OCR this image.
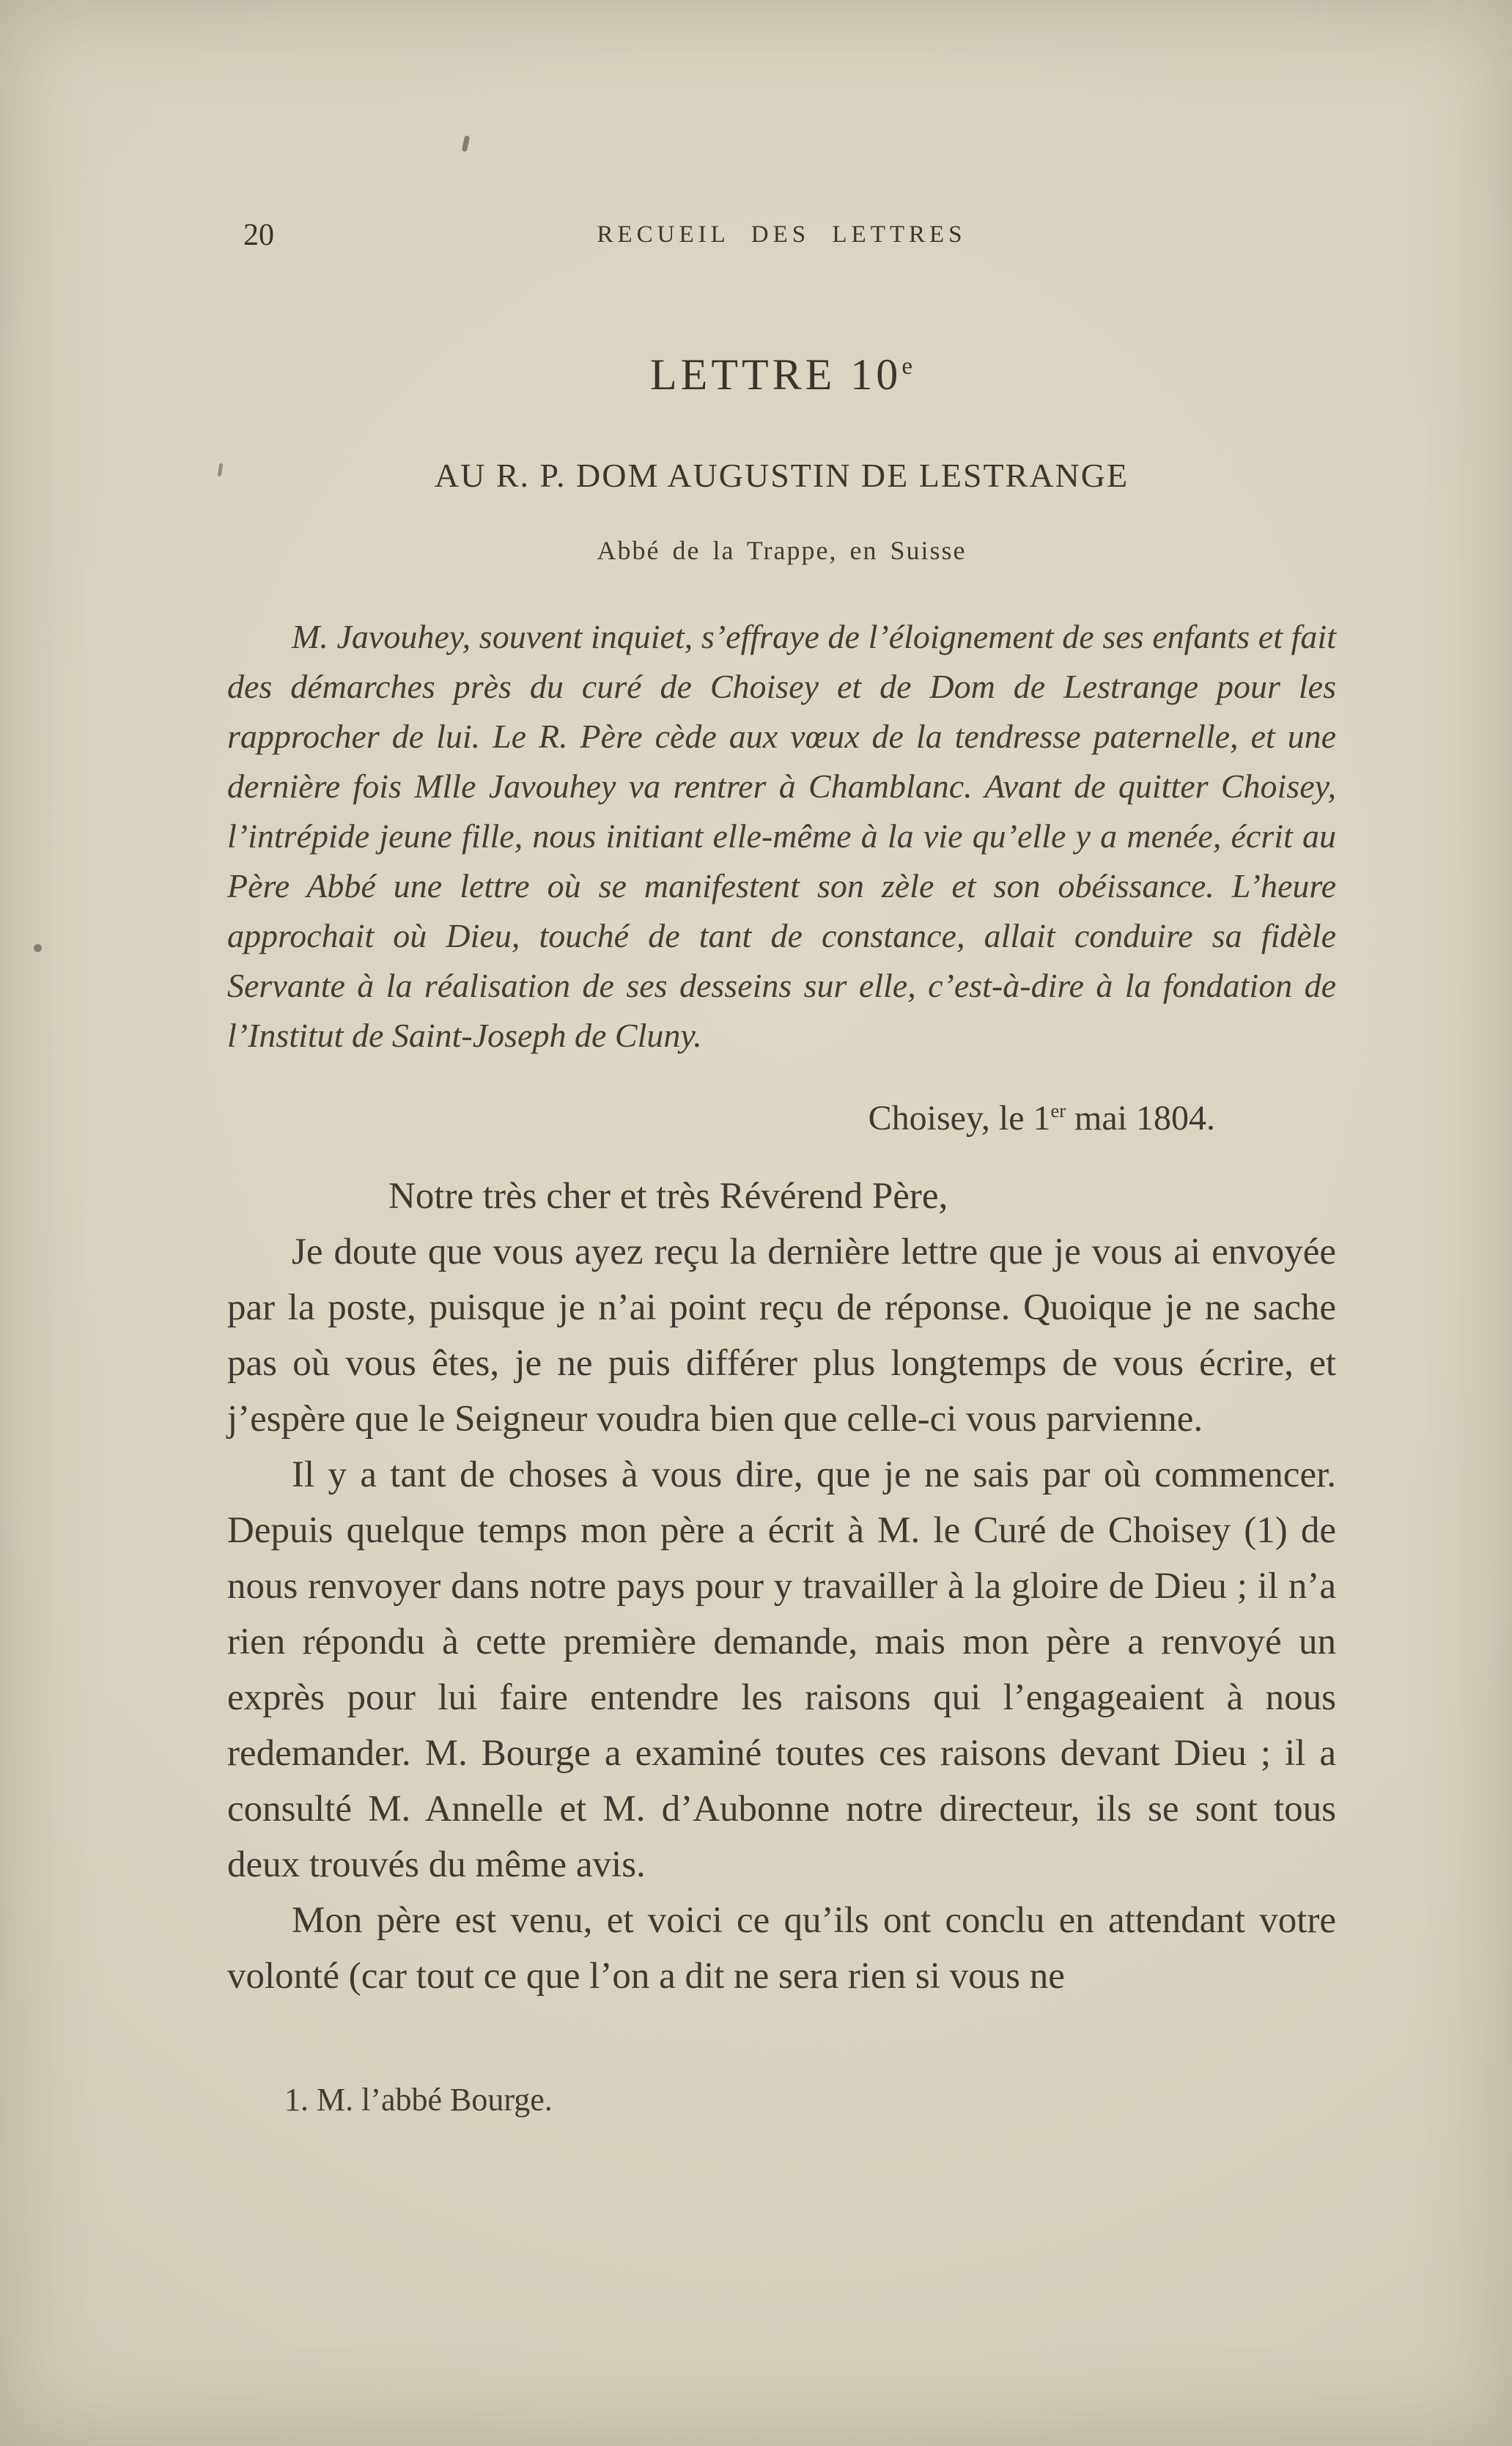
20	RECUEIL DES LETTRES
LETTRE 10e
AU R. P. DOM AUGUSTIN DE LESTRANGE
Abbé de la Trappe, en Suisse

M. Javouhey, souvent inquiet, s’effraye de l’éloignement de ses enfants et fait des démarches près du curé de Choisey et de Dom de Lestrange pour les rapprocher de lui. Le R. Père cède aux vœux de la tendresse paternelle, et une dernière fois Mlle Javouhey va rentrer à Chamblanc. Avant de quitter Choisey, l’intrépide jeune fille, nous initiant elle-même à la vie qu’elle y a menée, écrit au Père Abbé une lettre où se manifestent son zèle et son obéissance. L’heure approchait où Dieu, touché de tant de constance, allait conduire sa fidèle Servante à la réalisation de ses desseins sur elle, c’est-à-dire à la fondation de l’Institut de Saint-Joseph de Cluny.

Choisey, le 1er mai 1804.

Notre très cher et très Révérend Père,

Je doute que vous ayez reçu la dernière lettre que je vous ai envoyée par la poste, puisque je n’ai point reçu de réponse. Quoique je ne sache pas où vous êtes, je ne puis différer plus longtemps de vous écrire, et j’espère que le Seigneur voudra bien que celle-ci vous parvienne.

Il y a tant de choses à vous dire, que je ne sais par où commencer. Depuis quelque temps mon père a écrit à M. le Curé de Choisey (1) de nous renvoyer dans notre pays pour y travailler à la gloire de Dieu ; il n’a rien répondu à cette première demande, mais mon père a renvoyé un exprès pour lui faire entendre les raisons qui l’engageaient à nous redemander. M. Bourge a examiné toutes ces raisons devant Dieu ; il a consulté M. Annelle et M. d’Aubonne notre directeur, ils se sont tous deux trouvés du même avis.

Mon père est venu, et voici ce qu’ils ont conclu en attendant votre volonté (car tout ce que l’on a dit ne sera rien si vous ne

1. M. l’abbé Bourge.
